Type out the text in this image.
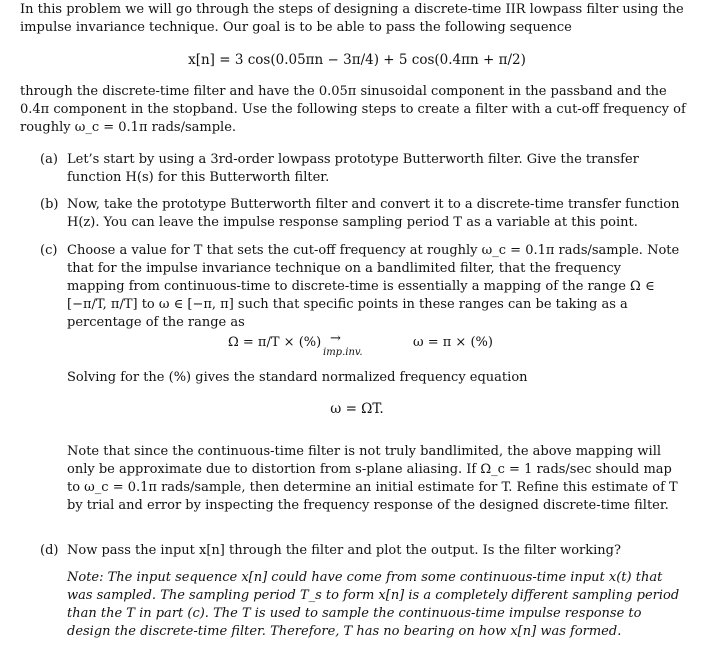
In this problem we will go through the steps of designing a discrete-time IIR lowpass filter using the impulse invariance technique. Our goal is to be able to pass the following sequence

x[n] = 3 cos(0.05πn − 3π/4) + 5 cos(0.4πn + π/2)

through the discrete-time filter and have the 0.05π sinusoidal component in the passband and the 0.4π component in the stopband. Use the following steps to create a filter with a cut-off frequency of roughly ω_c = 0.1π rads/sample.

(a) Let’s start by using a 3rd-order lowpass prototype Butterworth filter. Give the transfer function H(s) for this Butterworth filter.
(b) Now, take the prototype Butterworth filter and convert it to a discrete-time transfer function H(z). You can leave the impulse response sampling period T as a variable at this point.
(c) Choose a value for T that sets the cut-off frequency at roughly ω_c = 0.1π rads/sample. Note that for the impulse invariance technique on a bandlimited filter, that the frequency mapping from continuous-time to discrete-time is essentially a mapping of the range Ω ∈ [−π/T, π/T] to ω ∈ [−π, π] such that specific points in these ranges can be taking as a percentage of the range as
Ω = π/T × (%) →
imp.inv.
ω = π × (%)
Solving for the (%) gives the standard normalized frequency equation
ω = ΩT.
Note that since the continuous-time filter is not truly bandlimited, the above mapping will only be approximate due to distortion from s-plane aliasing. If Ω_c = 1 rads/sec should map to ω_c = 0.1π rads/sample, then determine an initial estimate for T. Refine this estimate of T by trial and error by inspecting the frequency response of the designed discrete-time filter.
(d) Now pass the input x[n] through the filter and plot the output. Is the filter working?
Note: The input sequence x[n] could have come from some continuous-time input x(t) that was sampled. The sampling period T_s to form x[n] is a completely different sampling period than the T in part (c). The T is used to sample the continuous-time impulse response to design the discrete-time filter. Therefore, T has no bearing on how x[n] was formed.
